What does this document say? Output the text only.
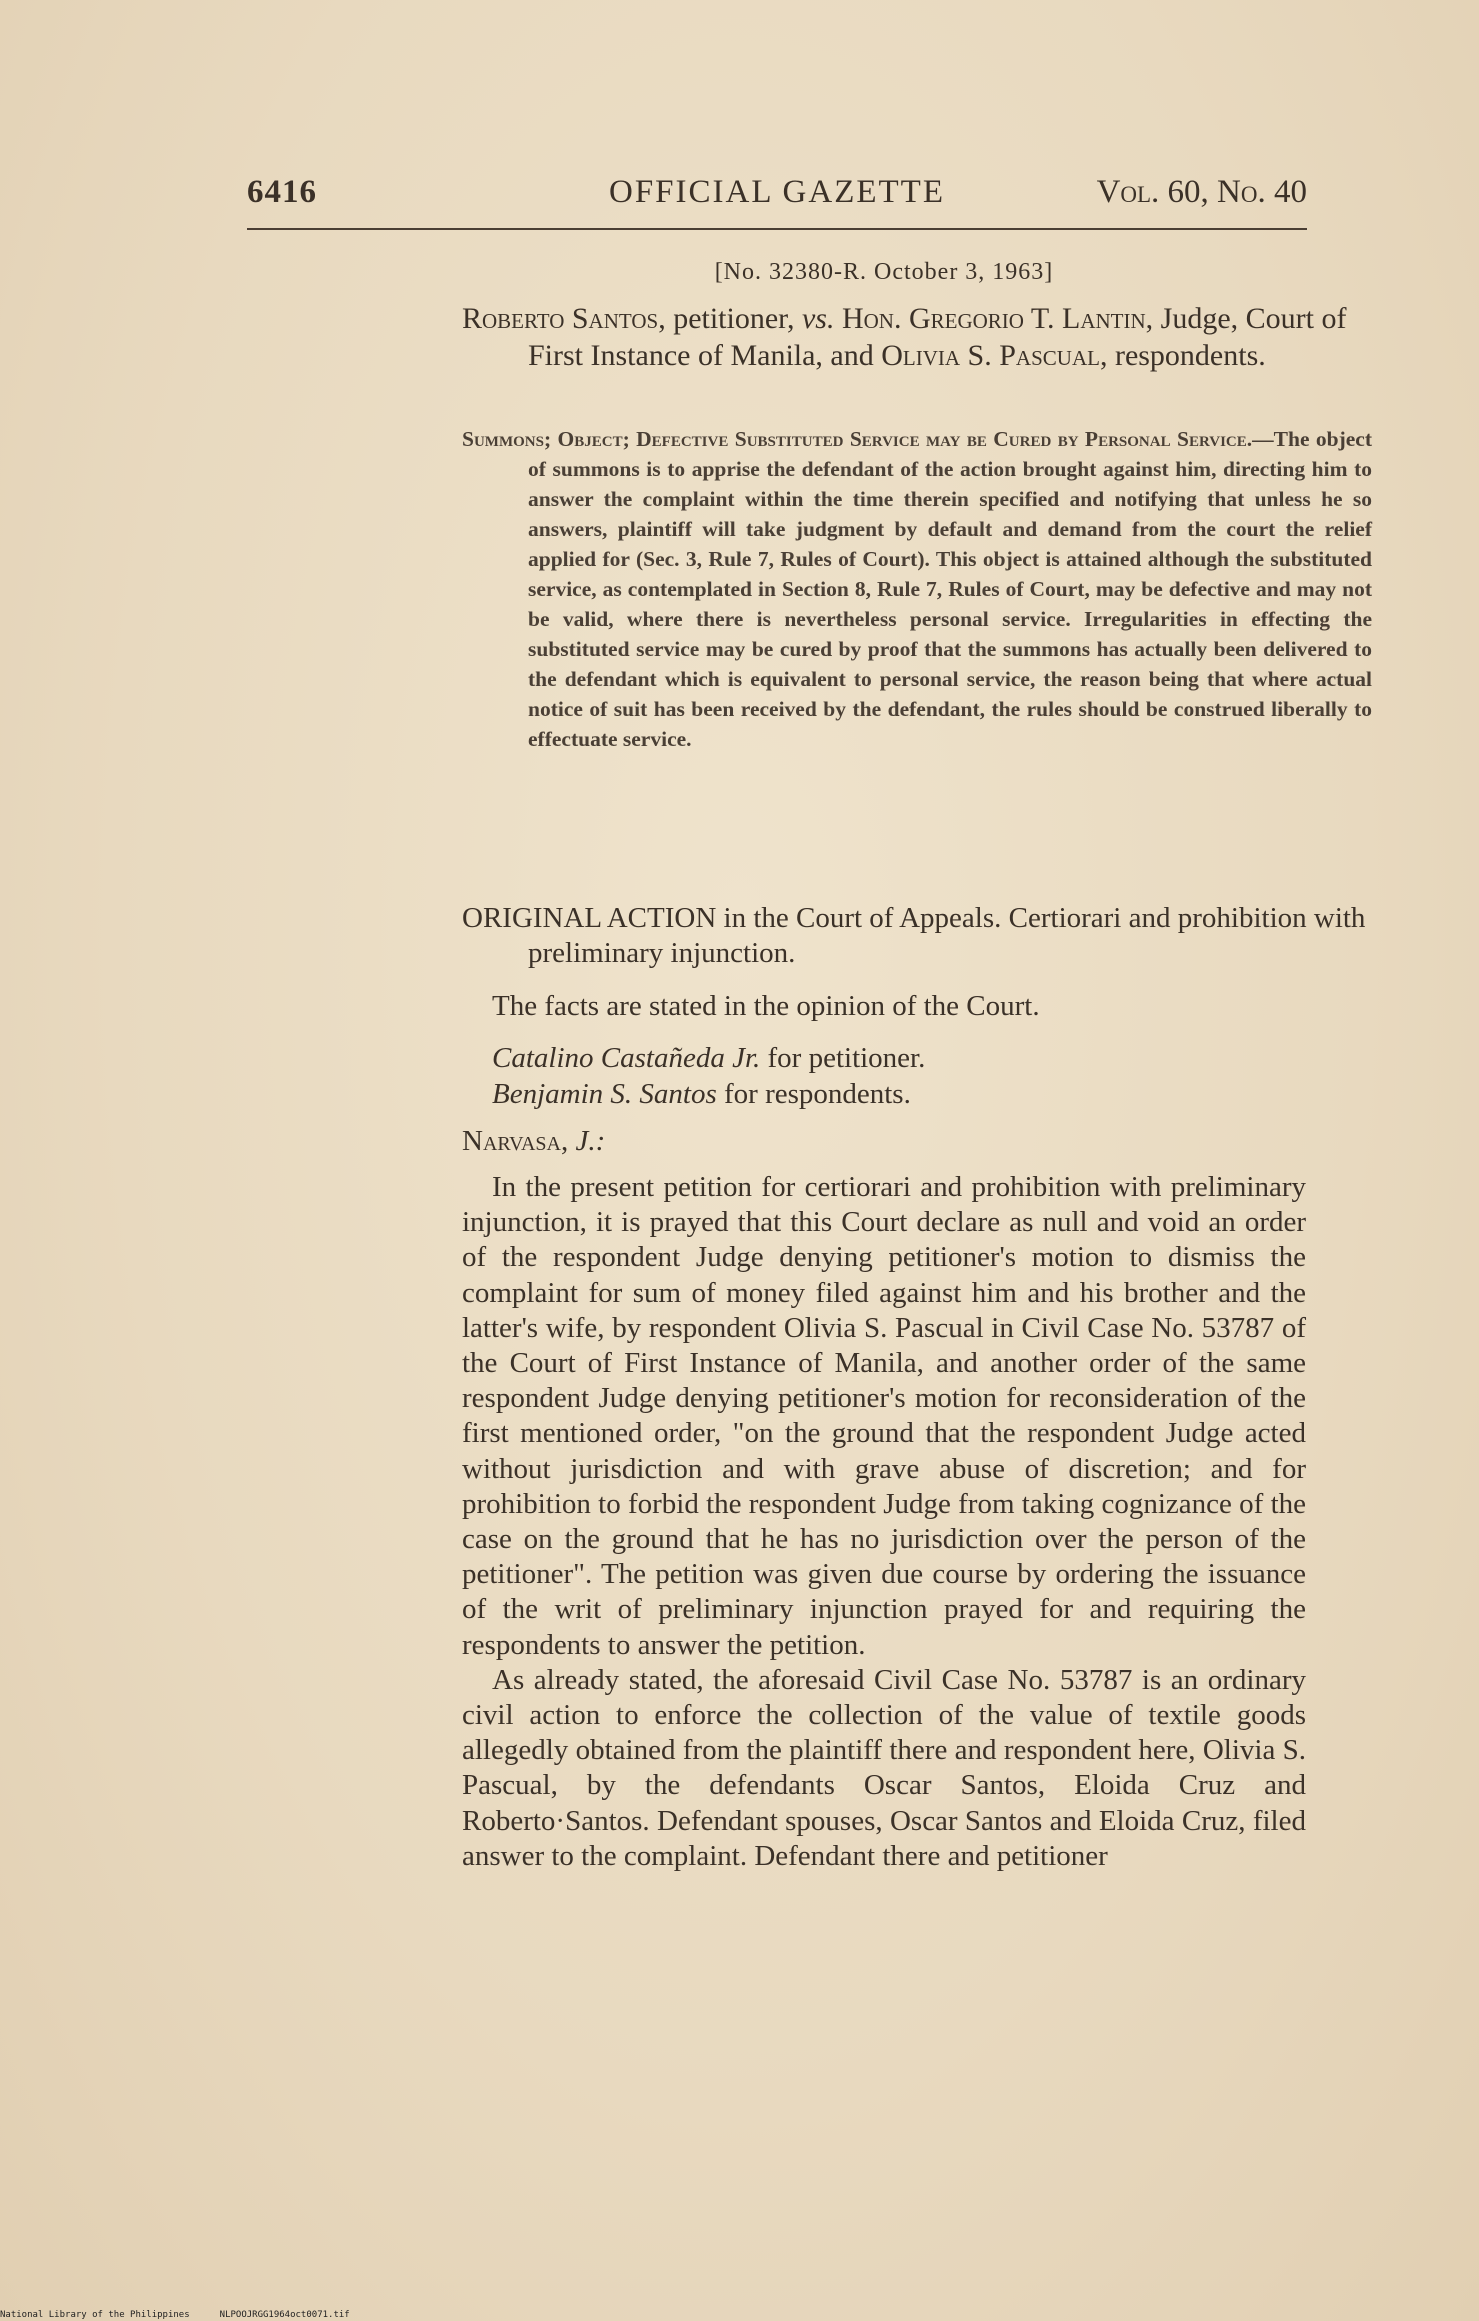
6416	OFFICIAL GAZETTE	Vol. 60, No. 40
[No. 32380-R. October 3, 1963]
Roberto Santos, petitioner, vs. Hon. Gregorio T. Lantin, Judge, Court of First Instance of Manila, and Olivia S. Pascual, respondents.
Summons; Object; Defective Substituted Service may be Cured by Personal Service.—The object of summons is to apprise the defendant of the action brought against him, directing him to answer the complaint within the time therein specified and notifying that unless he so answers, plaintiff will take judgment by default and demand from the court the relief applied for (Sec. 3, Rule 7, Rules of Court). This object is attained although the substituted service, as contemplated in Section 8, Rule 7, Rules of Court, may be defective and may not be valid, where there is nevertheless personal service. Irregularities in effecting the substituted service may be cured by proof that the summons has actually been delivered to the defendant which is equivalent to personal service, the reason being that where actual notice of suit has been received by the defendant, the rules should be construed liberally to effectuate service.
ORIGINAL ACTION in the Court of Appeals. Certiorari and prohibition with preliminary injunction.
The facts are stated in the opinion of the Court.
Catalino Castañeda Jr. for petitioner.
Benjamin S. Santos for respondents.
Narvasa, J.:

In the present petition for certiorari and prohibition with preliminary injunction, it is prayed that this Court declare as null and void an order of the respondent Judge denying petitioner's motion to dismiss the complaint for sum of money filed against him and his brother and the latter's wife, by respondent Olivia S. Pascual in Civil Case No. 53787 of the Court of First Instance of Manila, and another order of the same respondent Judge denying petitioner's motion for reconsideration of the first mentioned order, "on the ground that the respondent Judge acted without jurisdiction and with grave abuse of discretion; and for prohibition to forbid the respondent Judge from taking cognizance of the case on the ground that he has no jurisdiction over the person of the petitioner". The petition was given due course by ordering the issuance of the writ of preliminary injunction prayed for and requiring the respondents to answer the petition.

As already stated, the aforesaid Civil Case No. 53787 is an ordinary civil action to enforce the collection of the value of textile goods allegedly obtained from the plaintiff there and respondent here, Olivia S. Pascual, by the defendants Oscar Santos, Eloida Cruz and Roberto·Santos. Defendant spouses, Oscar Santos and Eloida Cruz, filed answer to the complaint. Defendant there and petitioner

National Library of the Philippines	NLPOOJRGG1964oct0071.tif
